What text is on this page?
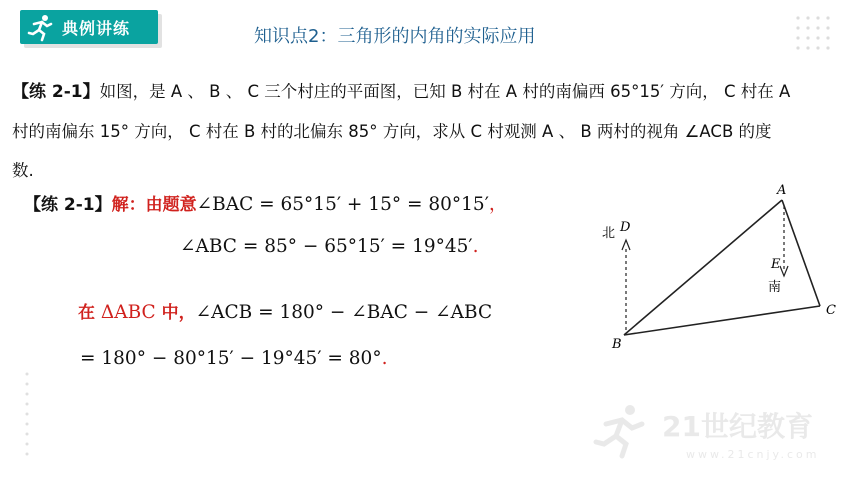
典例讲练	知识点2：三角形的内角的实际应用
【练 2-1】如图，是 A 、 B 、 C 三个村庄的平面图，已知 B 村在 A 村的南偏西 65°15′ 方向， C 村在 A
村的南偏东 15° 方向， C 村在 B 村的北偏东 85° 方向，求从 C 村观测 A 、 B 两村的视角 ∠ACB 的度
数.
【练 2-1】解：由题意∠BAC = 65°15′ + 15° = 80°15′，
∠ABC = 85° − 65°15′ = 19°45′.
在 ΔABC 中，∠ACB = 180° − ∠BAC − ∠ABC
= 180° − 80°15′ − 19°45′ = 80°.
北 D
A
E
南
C
B
21世纪教育
www.21cnjy.com
